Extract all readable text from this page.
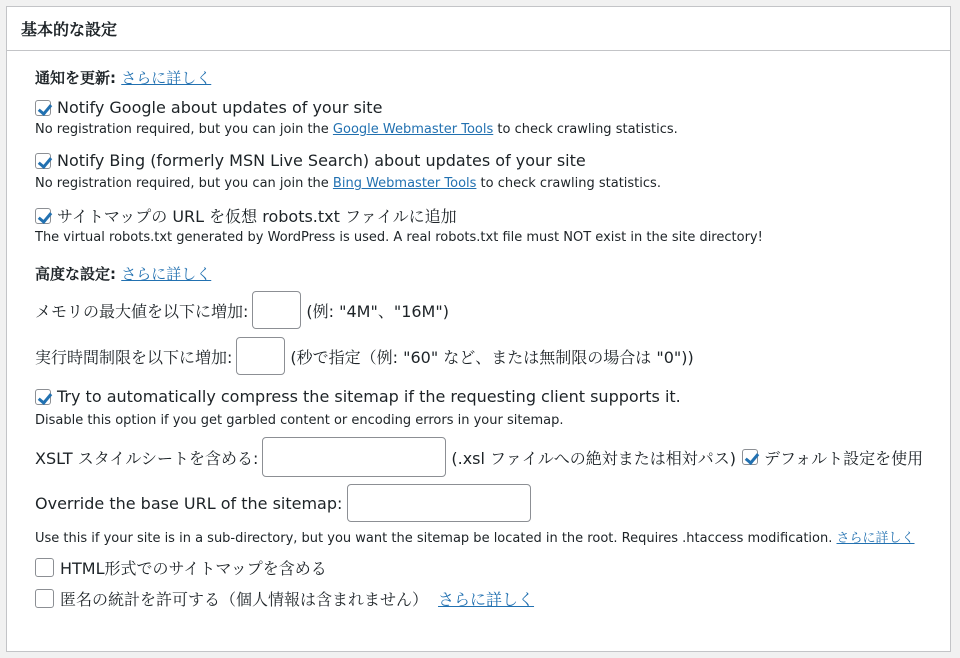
基本的な設定
通知を更新: さらに詳しく
Notify Google about updates of your site
No registration required, but you can join the Google Webmaster Tools to check crawling statistics.
Notify Bing (formerly MSN Live Search) about updates of your site
No registration required, but you can join the Bing Webmaster Tools to check crawling statistics.
サイトマップの URL を仮想 robots.txt ファイルに追加
The virtual robots.txt generated by WordPress is used. A real robots.txt file must NOT exist in the site directory!
高度な設定: さらに詳しく
メモリの最大値を以下に増加:	(例: "4M"、"16M")
実行時間制限を以下に増加:	(秒で指定（例: "60" など、または無制限の場合は "0"))
Try to automatically compress the sitemap if the requesting client supports it.
Disable this option if you get garbled content or encoding errors in your sitemap.
XSLT スタイルシートを含める:	(.xsl ファイルへの絶対または相対パス) デフォルト設定を使用
Override the base URL of the sitemap:
Use this if your site is in a sub-directory, but you want the sitemap be located in the root. Requires .htaccess modification. さらに詳しく
HTML形式でのサイトマップを含める
匿名の統計を許可する（個人情報は含まれません） さらに詳しく
